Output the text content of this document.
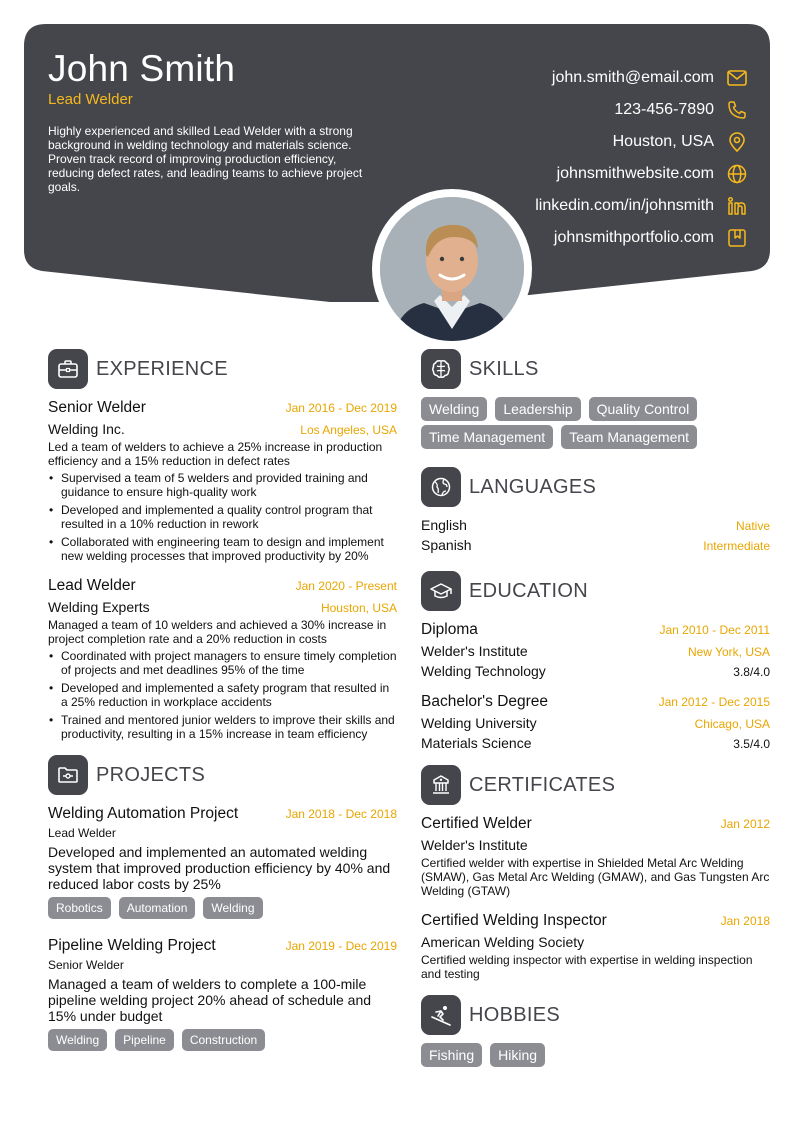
John Smith
Lead Welder
Highly experienced and skilled Lead Welder with a strong background in welding technology and materials science. Proven track record of improving production efficiency, reducing defect rates, and leading teams to achieve project goals.
john.smith@email.com
123-456-7890
Houston, USA
johnsmithwebsite.com
linkedin.com/in/johnsmith
johnsmithportfolio.com
EXPERIENCE
Senior Welder	Jan 2016 - Dec 2019
Welding Inc.	Los Angeles, USA
Led a team of welders to achieve a 25% increase in production efficiency and a 15% reduction in defect rates
• Supervised a team of 5 welders and provided training and guidance to ensure high-quality work
• Developed and implemented a quality control program that resulted in a 10% reduction in rework
• Collaborated with engineering team to design and implement new welding processes that improved productivity by 20%
Lead Welder	Jan 2020 - Present
Welding Experts	Houston, USA
Managed a team of 10 welders and achieved a 30% increase in project completion rate and a 20% reduction in costs
• Coordinated with project managers to ensure timely completion of projects and met deadlines 95% of the time
• Developed and implemented a safety program that resulted in a 25% reduction in workplace accidents
• Trained and mentored junior welders to improve their skills and productivity, resulting in a 15% increase in team efficiency
PROJECTS
Welding Automation Project	Jan 2018 - Dec 2018
Lead Welder
Developed and implemented an automated welding system that improved production efficiency by 40% and reduced labor costs by 25%
Robotics	Automation	Welding
Pipeline Welding Project	Jan 2019 - Dec 2019
Senior Welder
Managed a team of welders to complete a 100-mile pipeline welding project 20% ahead of schedule and 15% under budget
Welding	Pipeline	Construction
SKILLS
Welding	Leadership	Quality Control
Time Management	Team Management
LANGUAGES
English	Native
Spanish	Intermediate
EDUCATION
Diploma	Jan 2010 - Dec 2011
Welder's Institute	New York, USA
Welding Technology	3.8/4.0
Bachelor's Degree	Jan 2012 - Dec 2015
Welding University	Chicago, USA
Materials Science	3.5/4.0
CERTIFICATES
Certified Welder	Jan 2012
Welder's Institute
Certified welder with expertise in Shielded Metal Arc Welding (SMAW), Gas Metal Arc Welding (GMAW), and Gas Tungsten Arc Welding (GTAW)
Certified Welding Inspector	Jan 2018
American Welding Society
Certified welding inspector with expertise in welding inspection and testing
HOBBIES
Fishing	Hiking
